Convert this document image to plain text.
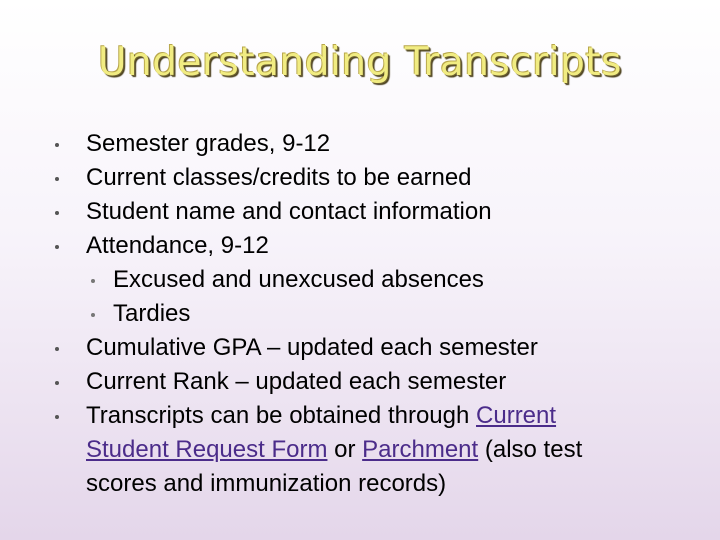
Understanding Transcripts
Semester grades, 9-12
Current classes/credits to be earned
Student name and contact information
Attendance, 9-12
Excused and unexcused absences
Tardies
Cumulative GPA – updated each semester
Current Rank – updated each semester
Transcripts can be obtained through Current
Student Request Form or Parchment (also test
scores and immunization records)
